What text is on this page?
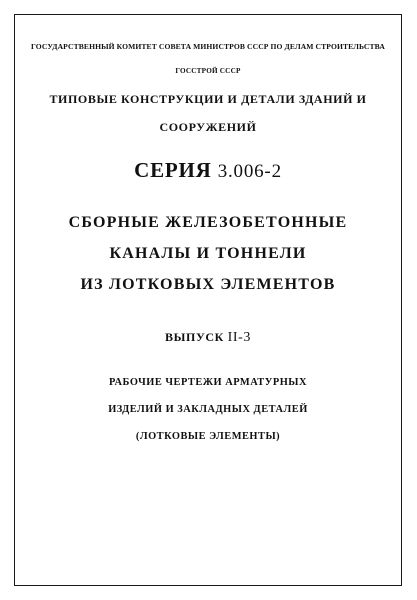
ГОСУДАРСТВЕННЫЙ КОМИТЕТ СОВЕТА МИНИСТРОВ СССР ПО ДЕЛАМ СТРОИТЕЛЬСТВА
ГОССТРОЙ СССР
ТИПОВЫЕ КОНСТРУКЦИИ И ДЕТАЛИ ЗДАНИЙ И
СООРУЖЕНИЙ
СЕРИЯ 3.006-2
СБОРНЫЕ ЖЕЛЕЗОБЕТОННЫЕ
КАНАЛЫ И ТОННЕЛИ
ИЗ ЛОТКОВЫХ ЭЛЕМЕНТОВ
ВЫПУСК II-3
РАБОЧИЕ ЧЕРТЕЖИ АРМАТУРНЫХ
ИЗДЕЛИЙ И ЗАКЛАДНЫХ ДЕТАЛЕЙ
(ЛОТКОВЫЕ ЭЛЕМЕНТЫ)
